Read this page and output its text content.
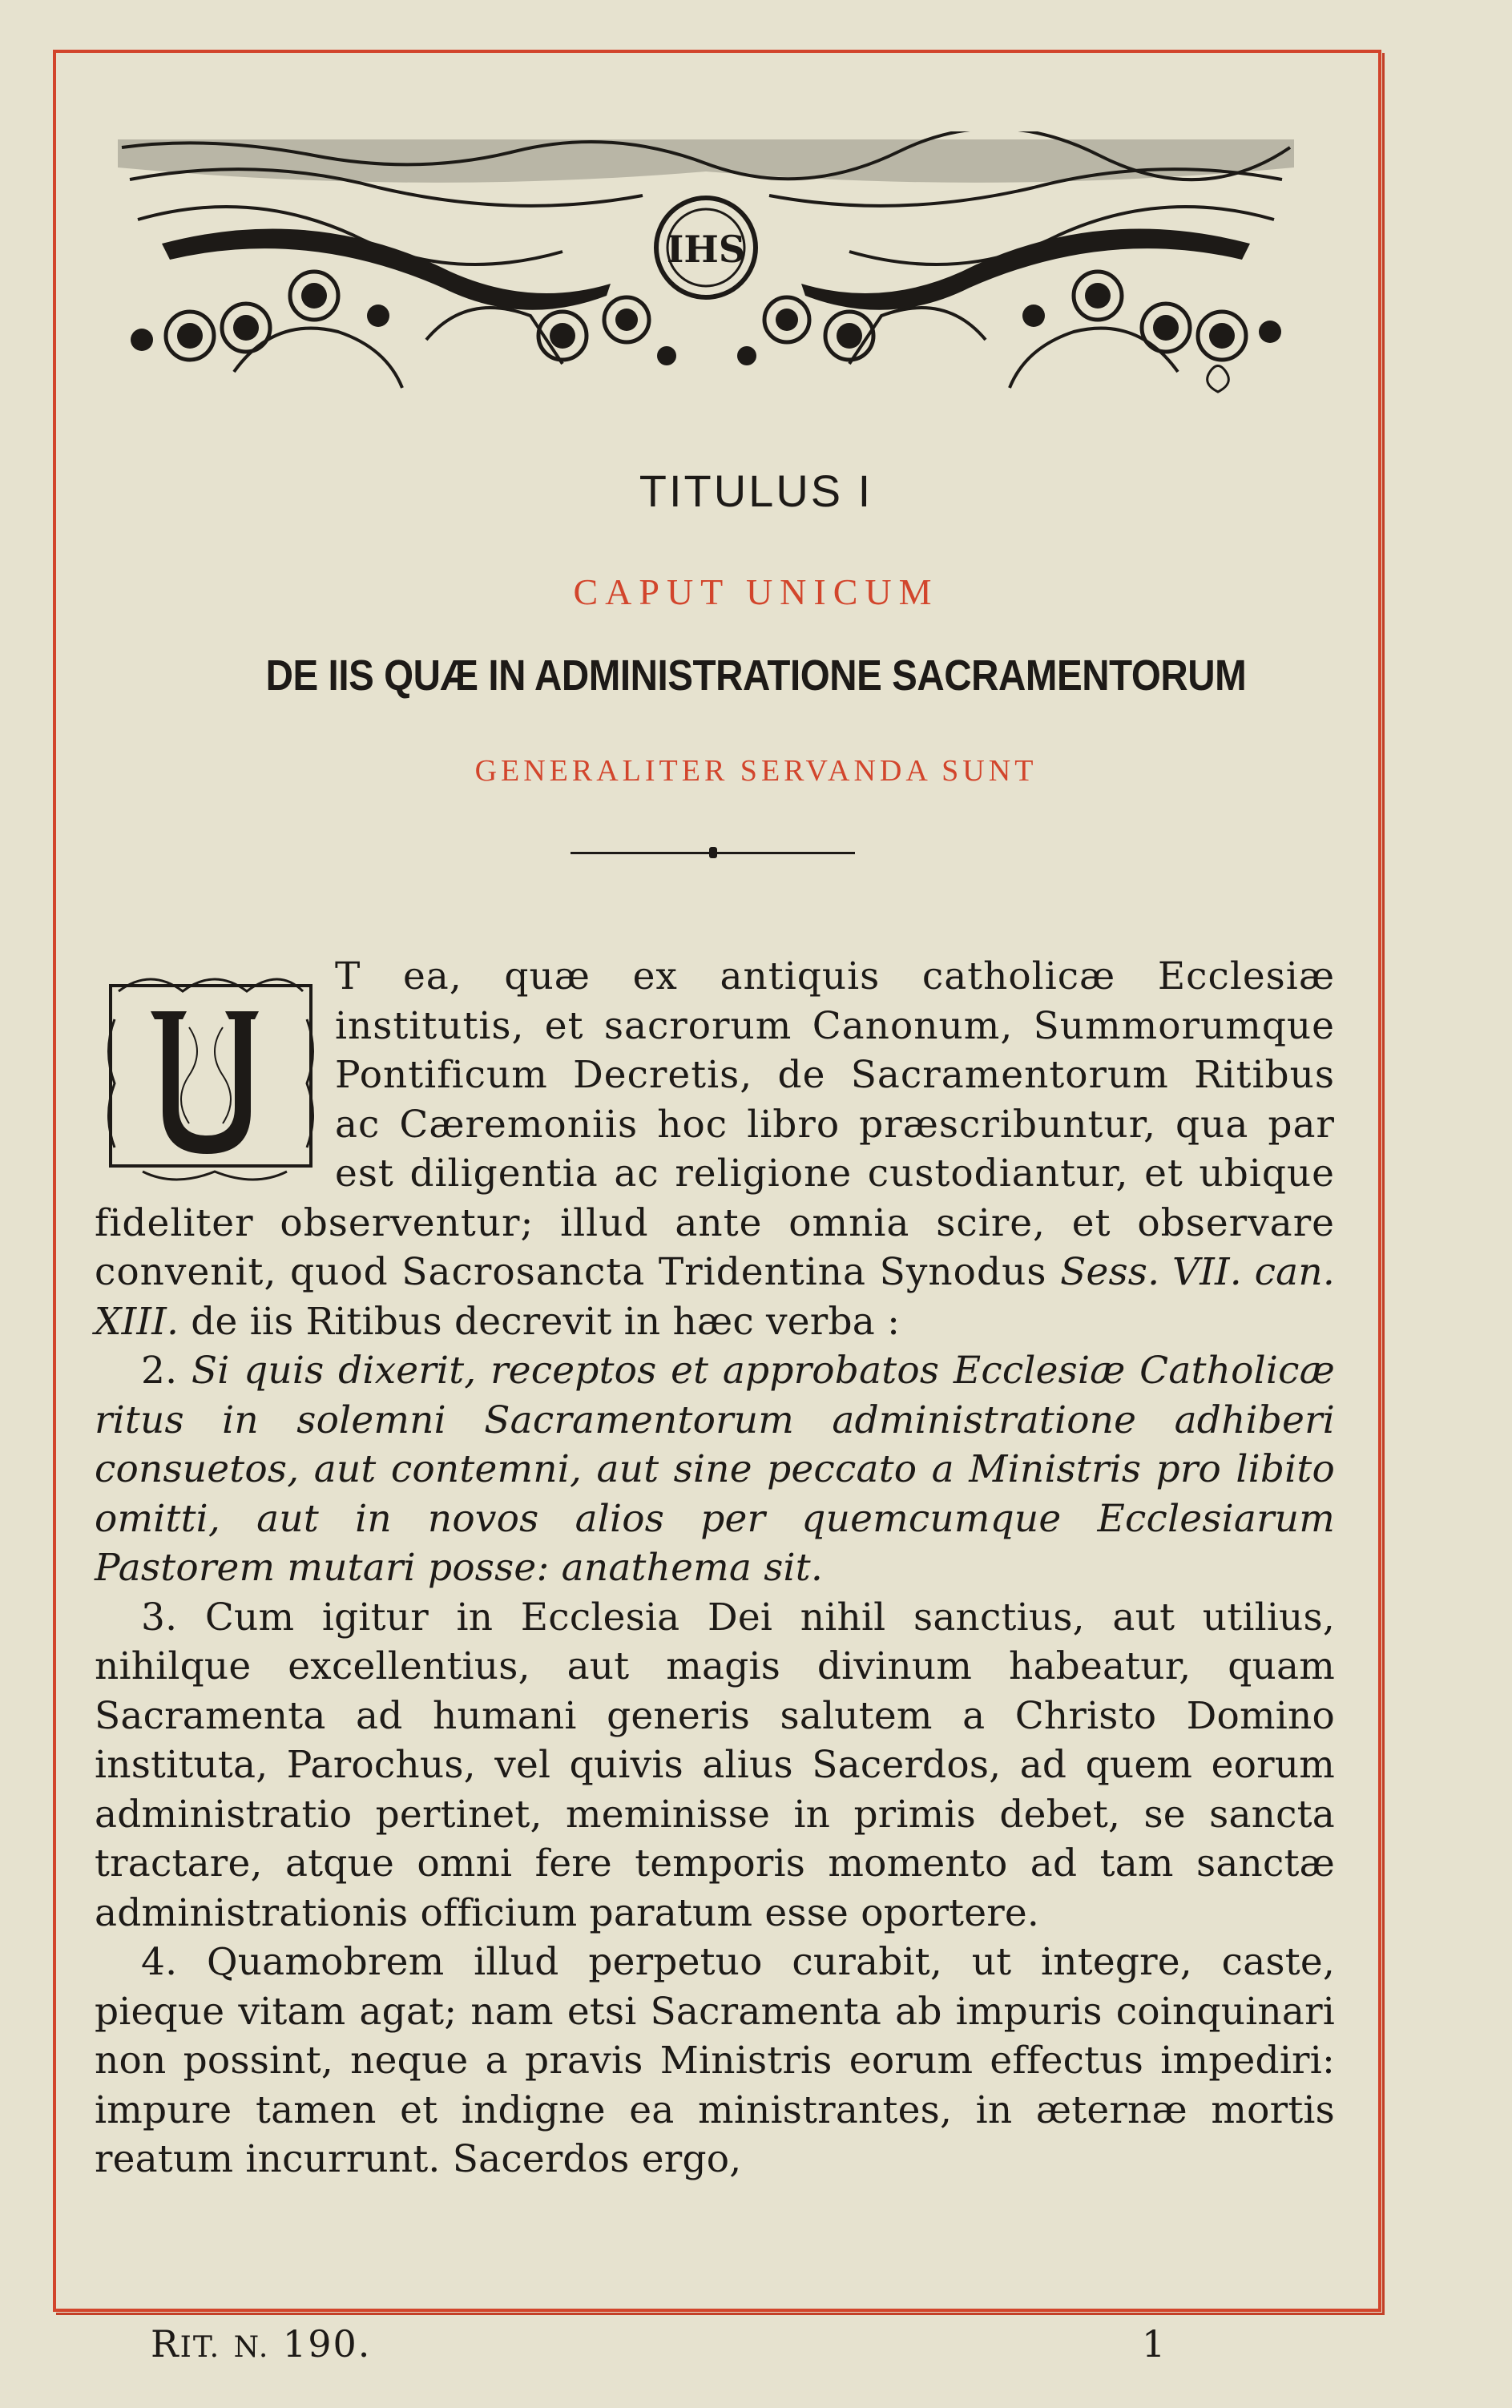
IHS
TITULUS I
CAPUT UNICUM
DE IIS QUÆ IN ADMINISTRATIONE SACRAMENTORUM
GENERALITER SERVANDA SUNT

T ea, quæ ex antiquis catholicæ Ecclesiæ institutis, et sacrorum Canonum, Summorumque Pontificum Decretis, de Sacramentorum Ritibus ac Cæremoniis hoc libro præscribuntur, qua par est diligentia ac religione custodiantur, et ubique fideliter observentur; illud ante omnia scire, et observare convenit, quod Sacrosancta Tridentina Synodus Sess. VII. can. XIII. de iis Ritibus decrevit in hæc verba :

2. Si quis dixerit, receptos et approbatos Ecclesiæ Catholicæ ritus in solemni Sacramentorum administratione adhiberi consuetos, aut contemni, aut sine peccato a Ministris pro libito omitti, aut in novos alios per quemcumque Ecclesiarum Pastorem mutari posse: anathema sit.

3. Cum igitur in Ecclesia Dei nihil sanctius, aut utilius, nihilque excellentius, aut magis divinum habeatur, quam Sacramenta ad humani generis salutem a Christo Domino instituta, Parochus, vel quivis alius Sacerdos, ad quem eorum administratio pertinet, meminisse in primis debet, se sancta tractare, atque omni fere temporis momento ad tam sanctæ administrationis officium paratum esse oportere.

4. Quamobrem illud perpetuo curabit, ut integre, caste, pieque vitam agat; nam etsi Sacramenta ab impuris coinquinari non possint, neque a pravis Ministris eorum effectus impediri: impure tamen et indigne ea ministrantes, in æternæ mortis reatum incurrunt. Sacerdos ergo,

RIT. N. 190.	1
